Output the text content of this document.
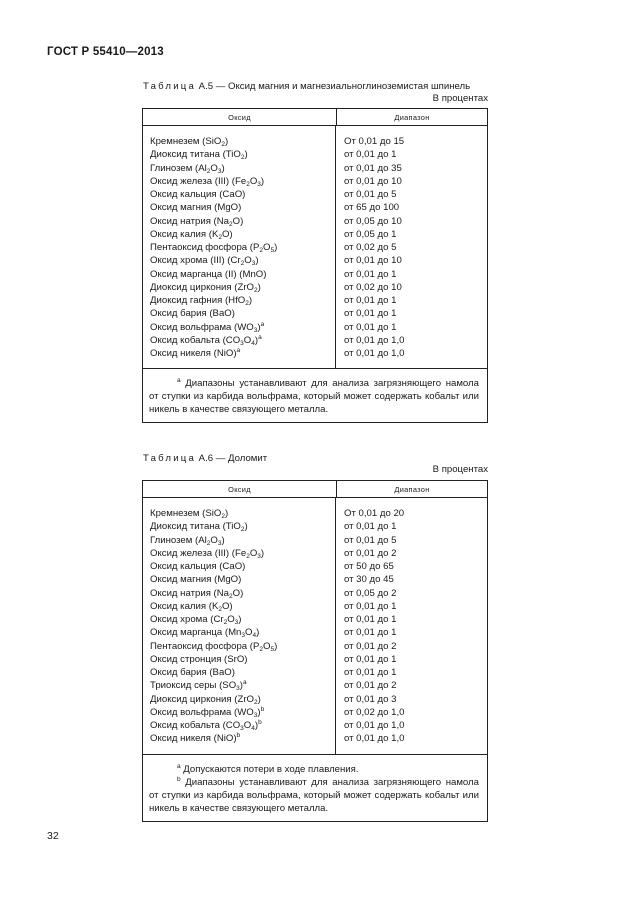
ГОСТ Р 55410—2013
Таблица А.5 — Оксид магния и магнезиальноглиноземистая шпинель
В процентах
Оксид	Диапазон
Кремнезем (SiO$_2$)
Диоксид титана (TiO$_2$)
Глинозем $(Al_2O_3)$
Оксид железа (III) $(Fe_2O_3)$
Оксид кальция (CaO)
Оксид магния (MgO)
Оксид натрия $(Na_2O)$
Оксид калия $(K_2O)$
Пентаоксид фосфора $(P_2O_5)$
Оксид хрома (III) $(Cr_2O_3)$
Оксид марганца (II) (MnO)
Диоксид циркония (ZrO$_2$)
Диоксид гафния (HfO$_2$)
Оксид бария (BaO)
Оксид вольфрама $(WO_3)^a$
Оксид кобальта $(CO_3O_4)^a$
Оксид никеля (NiO)$^a$
От 0,01 до 15
от 0,01 до 1
от 0,01 до 35
от 0,01 до 10
от 0,01 до 5
от 65 до 100
от 0,05 до 10
от 0,05 до 1
от 0,02 до 5
от 0,01 до 10
от 0,01 до 1
от 0,02 до 10
от 0,01 до 1
от 0,01 до 1
от 0,01 до 1
от 0,01 до 1,0
от 0,01 до 1,0

$^a$ Диапазоны устанавливают для анализа загрязняющего намола от ступки из карбида вольфрама, который может содержать кобальт или никель в качестве связующего металла.

Таблица А.6 — Доломит
В процентах
Оксид	Диапазон
Кремнезем (SiO$_2$)
Диоксид титана (TiO$_2$)
Глинозем $(Al_2O_3)$
Оксид железа (III) $(Fe_2O_3)$
Оксид кальция (CaO)
Оксид магния (MgO)
Оксид натрия $(Na_2O)$
Оксид калия $(K_2O)$
Оксид хрома $(Cr_2O_3)$
Оксид марганца $(Mn_3O_4)$
Пентаоксид фосфора $(P_2O_5)$
Оксид стронция (SrO)
Оксид бария (BaO)
Триоксид серы $(SO_3)^a$
Диоксид циркония (ZrO$_2$)
Оксид вольфрама $(WO_3)^b$
Оксид кобальта $(CO_3O_4)^b$
Оксид никеля (NiO)$^b$
От 0,01 до 20
от 0,01 до 1
от 0,01 до 5
от 0,01 до 2
от 50 до 65
от 30 до 45
от 0,05 до 2
от 0,01 до 1
от 0,01 до 1
от 0,01 до 1
от 0,01 до 2
от 0,01 до 1
от 0,01 до 1
от 0,01 до 2
от 0,01 до 3
от 0,02 до 1,0
от 0,01 до 1,0
от 0,01 до 1,0

$^a$ Допускаются потери в ходе плавления.

$^b$ Диапазоны устанавливают для анализа загрязняющего намола от ступки из карбида вольфрама, который может содержать кобальт или никель в качестве связующего металла.

32
